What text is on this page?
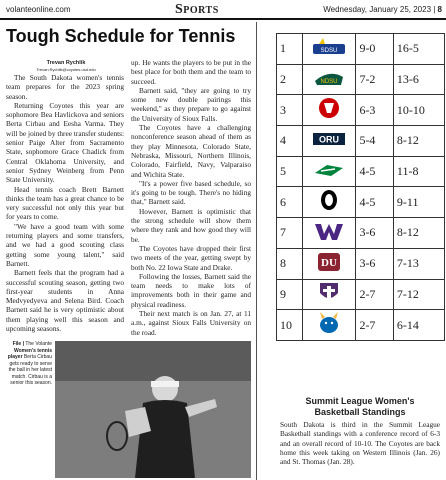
volanteonline.com	Sports	Wednesday, January 25, 2023 | 8
Tough Schedule for Tennis
Trevan Rychlik
Trevan.Rychlik@coyotes.usd.edu

The South Dakota women's tennis team prepares for the 2023 spring season.

Returning Coyotes this year are sophomore Bea Havlickova and seniors Berta Cirbau and Eesha Varma. They will be joined by three transfer students: senior Paige Alter from Sacramento State, sophomore Grace Chadick from Central Oklahoma University, and senior Sydney Weinberg from Penn State University.

Head tennis coach Brett Barnett thinks the team has a great chance to be very successful not only this year but for years to come.

"We have a good team with some returning players and some transfers, and we had a good scouting class getting some young talent," said Barnett.

Barnett feels that the program had a successful scouting season, getting two first-year students in Anna Medvyedyeva and Selena Bird. Coach Barnett said he is very optimistic about them playing well this season and upcoming seasons.

up. He wants the players to be put in the best place for both them and the team to succeed.

Barnett said, "they are going to try some new double pairings this weekend," as they prepare to go against the University of Sioux Falls.

The Coyotes have a challenging nonconference season ahead of them as they play Minnesota, Colorado State, Nebraska, Missouri, Northern Illinois, Colorado, Fairfield, Navy, Valparaiso and Wichita State.

"It's a power five based schedule, so it's going to be tough. There's no hiding that," Barnett said.

However, Barnett is optimistic that the strong schedule will show them where they rank and how good they will be.

The Coyotes have dropped their first two meets of the year, getting swept by both No. 22 Iowa State and Drake.

Following the losses, Barnett said the team needs to make lots of improvements both in their game and physical readiness.

Their next match is on Jan. 27, at 11 a.m., against Sioux Falls University on the road.

File | The Volante Women's tennis player Berta Cirbau gets ready to serve the ball in her latest match. Cirbau is a senior this season.
1	SDSU	9-0	16-5
2	NDSU	7-2	13-6
3		6-3	10-10
4	ORU	5-4	8-12
5		4-5	11-8
6		4-5	9-11
7		3-6	8-12
8	DU	3-6	7-13
9		2-7	7-12
10		2-7	6-14
Summit League Women's
Basketball Standings
South Dakota is third in the Summit League Basketball standings with a conference record of 6-3 and an overall record of 10-10. The Coyotes are back home this week taking on Western Illinois (Jan. 26) and St. Thomas (Jan. 28).
